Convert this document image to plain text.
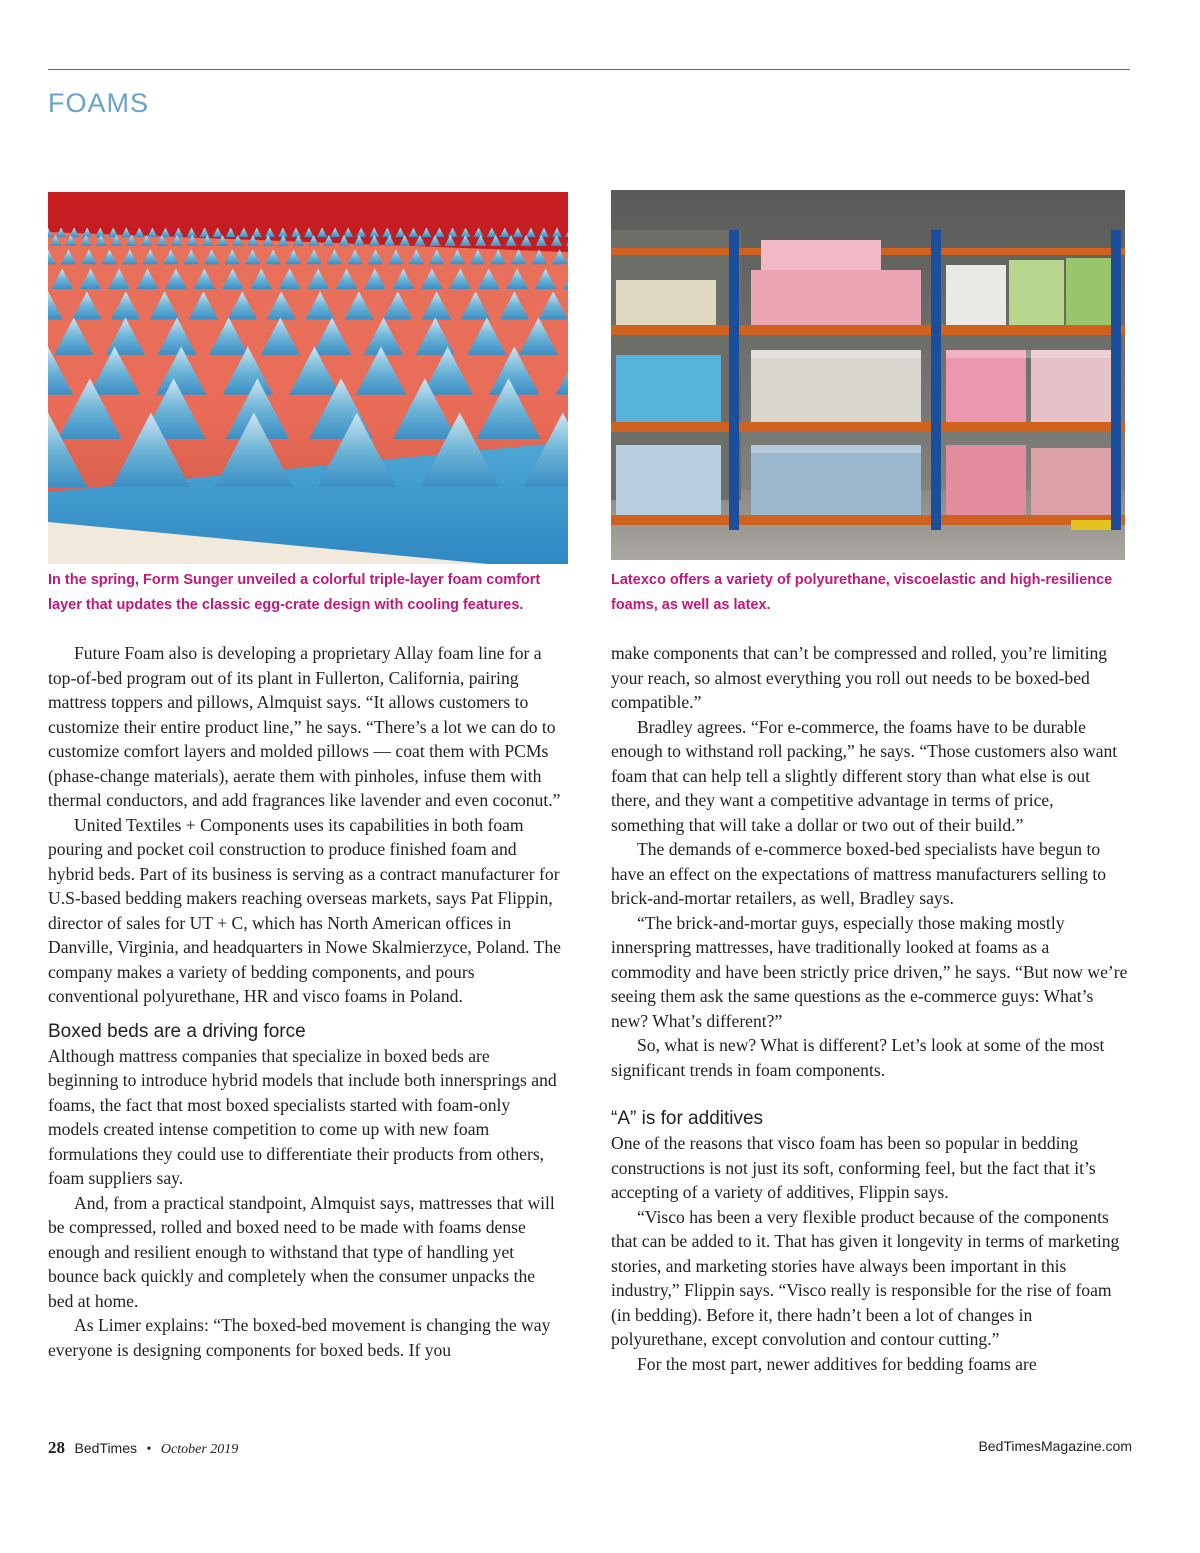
FOAMS

In the spring, Form Sunger unveiled a colorful triple-layer foam comfort layer that updates the classic egg-crate design with cooling features.

Latexco offers a variety of polyurethane, viscoelastic and high-resilience foams, as well as latex.

Future Foam also is developing a proprietary Allay foam line for a top-of-bed program out of its plant in Fullerton, California, pairing mattress toppers and pillows, Almquist says. “It allows customers to customize their entire product line,” he says. “There’s a lot we can do to customize comfort layers and molded pillows — coat them with PCMs (phase-change materials), aerate them with pinholes, infuse them with thermal conductors, and add fragrances like lavender and even coconut.”

United Textiles + Components uses its capabilities in both foam pouring and pocket coil construction to produce finished foam and hybrid beds. Part of its business is serving as a contract manufacturer for U.S-based bedding makers reaching overseas markets, says Pat Flippin, director of sales for UT + C, which has North American offices in Danville, Virginia, and headquarters in Nowe Skalmierzyce, Poland. The company makes a variety of bedding components, and pours conventional polyurethane, HR and visco foams in Poland.

Boxed beds are a driving force

Although mattress companies that specialize in boxed beds are beginning to introduce hybrid models that include both innersprings and foams, the fact that most boxed specialists started with foam-only models created intense competition to come up with new foam formulations they could use to differentiate their products from others, foam suppliers say.

And, from a practical standpoint, Almquist says, mattresses that will be compressed, rolled and boxed need to be made with foams dense enough and resilient enough to withstand that type of handling yet bounce back quickly and completely when the consumer unpacks the bed at home.

As Limer explains: “The boxed-bed movement is changing the way everyone is designing components for boxed beds. If you

make components that can’t be compressed and rolled, you’re limiting your reach, so almost everything you roll out needs to be boxed-bed compatible.”

Bradley agrees. “For e-commerce, the foams have to be durable enough to withstand roll packing,” he says. “Those customers also want foam that can help tell a slightly different story than what else is out there, and they want a competitive advantage in terms of price, something that will take a dollar or two out of their build.”

The demands of e-commerce boxed-bed specialists have begun to have an effect on the expectations of mattress manufacturers selling to brick-and-mortar retailers, as well, Bradley says.

“The brick-and-mortar guys, especially those making mostly innerspring mattresses, have traditionally looked at foams as a commodity and have been strictly price driven,” he says. “But now we’re seeing them ask the same questions as the e-commerce guys: What’s new? What’s different?”

So, what is new? What is different? Let’s look at some of the most significant trends in foam components.

“A” is for additives

One of the reasons that visco foam has been so popular in bedding constructions is not just its soft, conforming feel, but the fact that it’s accepting of a variety of additives, Flippin says.

“Visco has been a very flexible product because of the components that can be added to it. That has given it longevity in terms of marketing stories, and marketing stories have always been important in this industry,” Flippin says. “Visco really is responsible for the rise of foam (in bedding). Before it, there hadn’t been a lot of changes in polyurethane, except convolution and contour cutting.”

For the most part, newer additives for bedding foams are

28 BedTimes • October 2019	BedTimesMagazine.com
